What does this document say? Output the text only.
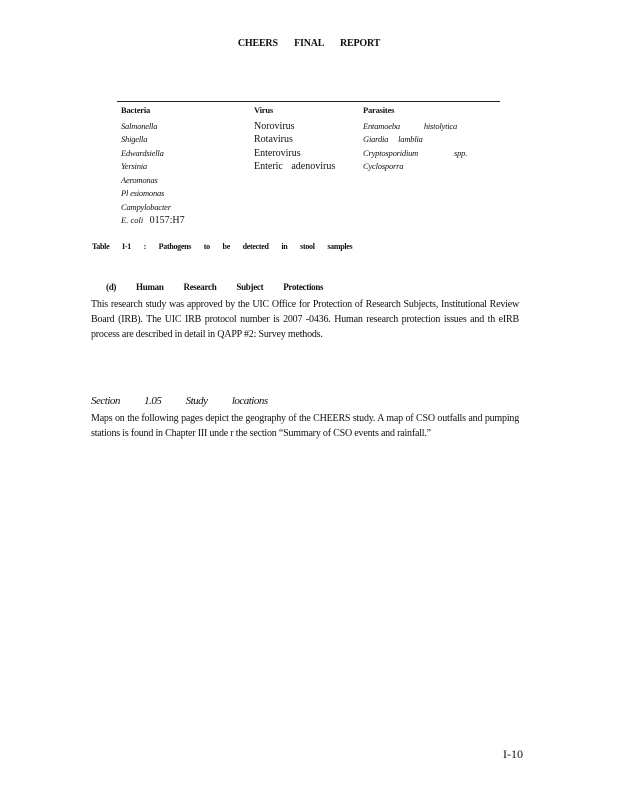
CHEERS FINAL REPORT
Bacteria
Salmonella
Shigella
Edwardsiella
Yersinia
Aeromonas
Pl esiomonas
Campylobacter
E. coli 0157:H7
Virus
Norovirus
Rotavirus
Enterovirus
Enteric adenovirus
Parasites
Entamoeba histolytica
Giardia lamblia
Cryptosporidium spp.
Cyclosporra
Table I-1 : Pathogens to be detected in stool samples
(d) Human Research Subject Protections
This research study was approved by the UIC Office for Protection of Research Subjects, Institutional Review Board (IRB). The UIC IRB protocol number is 2007 -0436. Human research protection issues and th eIRB process are described in detail in QAPP #2: Survey methods.
Section 1.05 Study locations
Maps on the following pages depict the geography of the CHEERS study. A map of CSO outfalls and pumping stations is found in Chapter III unde r the section “Summary of CSO events and rainfall.”
I-10
